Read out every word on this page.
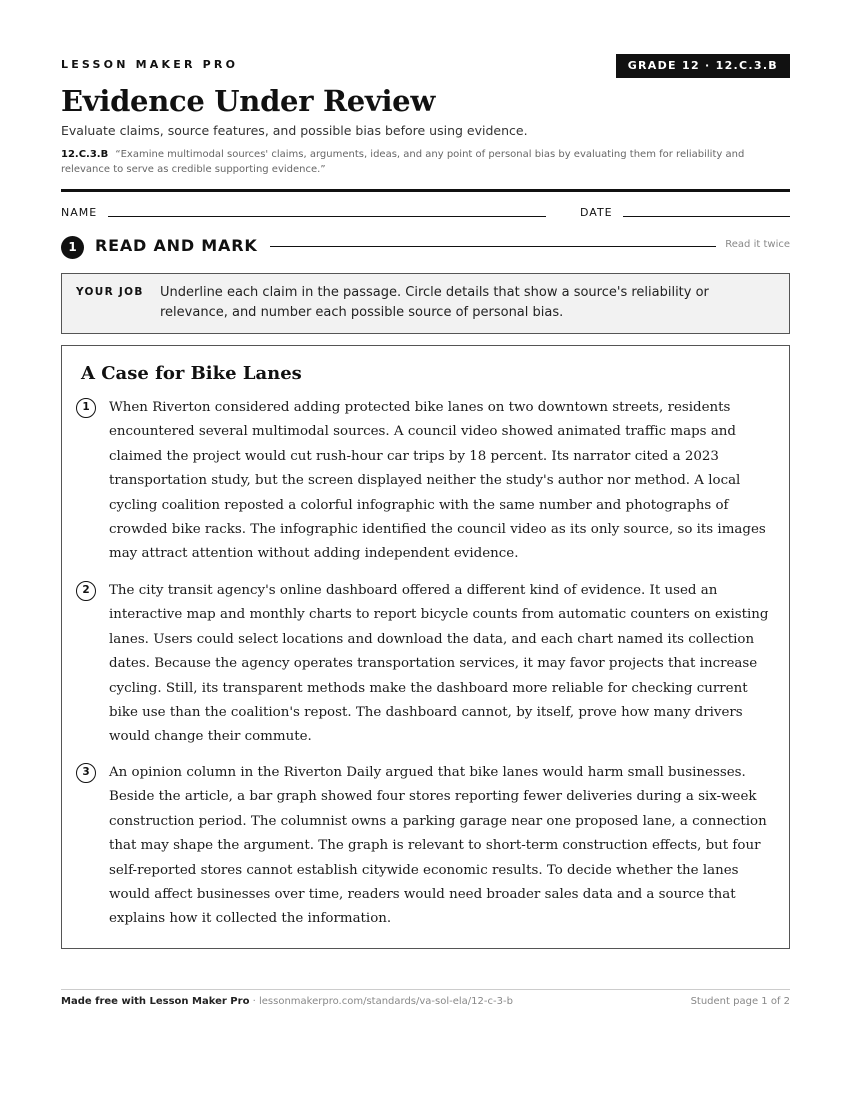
LESSON MAKER PRO	GRADE 12 · 12.C.3.B
Evidence Under Review
Evaluate claims, source features, and possible bias before using evidence.
12.C.3.B “Examine multimodal sources' claims, arguments, ideas, and any point of personal bias by evaluating them for reliability and relevance to serve as credible supporting evidence.”
NAME	DATE
1	READ AND MARK	Read it twice
YOUR JOB Underline each claim in the passage. Circle details that show a source's reliability or relevance, and number each possible source of personal bias.
A Case for Bike Lanes
1	When Riverton considered adding protected bike lanes on two downtown streets, residents encountered several multimodal sources. A council video showed animated traffic maps and claimed the project would cut rush-hour car trips by 18 percent. Its narrator cited a 2023 transportation study, but the screen displayed neither the study's author nor method. A local cycling coalition reposted a colorful infographic with the same number and photographs of crowded bike racks. The infographic identified the council video as its only source, so its images may attract attention without adding independent evidence.
2	The city transit agency's online dashboard offered a different kind of evidence. It used an interactive map and monthly charts to report bicycle counts from automatic counters on existing lanes. Users could select locations and download the data, and each chart named its collection dates. Because the agency operates transportation services, it may favor projects that increase cycling. Still, its transparent methods make the dashboard more reliable for checking current bike use than the coalition's repost. The dashboard cannot, by itself, prove how many drivers would change their commute.
3	An opinion column in the Riverton Daily argued that bike lanes would harm small businesses. Beside the article, a bar graph showed four stores reporting fewer deliveries during a six-week construction period. The columnist owns a parking garage near one proposed lane, a connection that may shape the argument. The graph is relevant to short-term construction effects, but four self-reported stores cannot establish citywide economic results. To decide whether the lanes would affect businesses over time, readers would need broader sales data and a source that explains how it collected the information.
Made free with Lesson Maker Pro · lessonmakerpro.com/standards/va-sol-ela/12-c-3-b	Student page 1 of 2
